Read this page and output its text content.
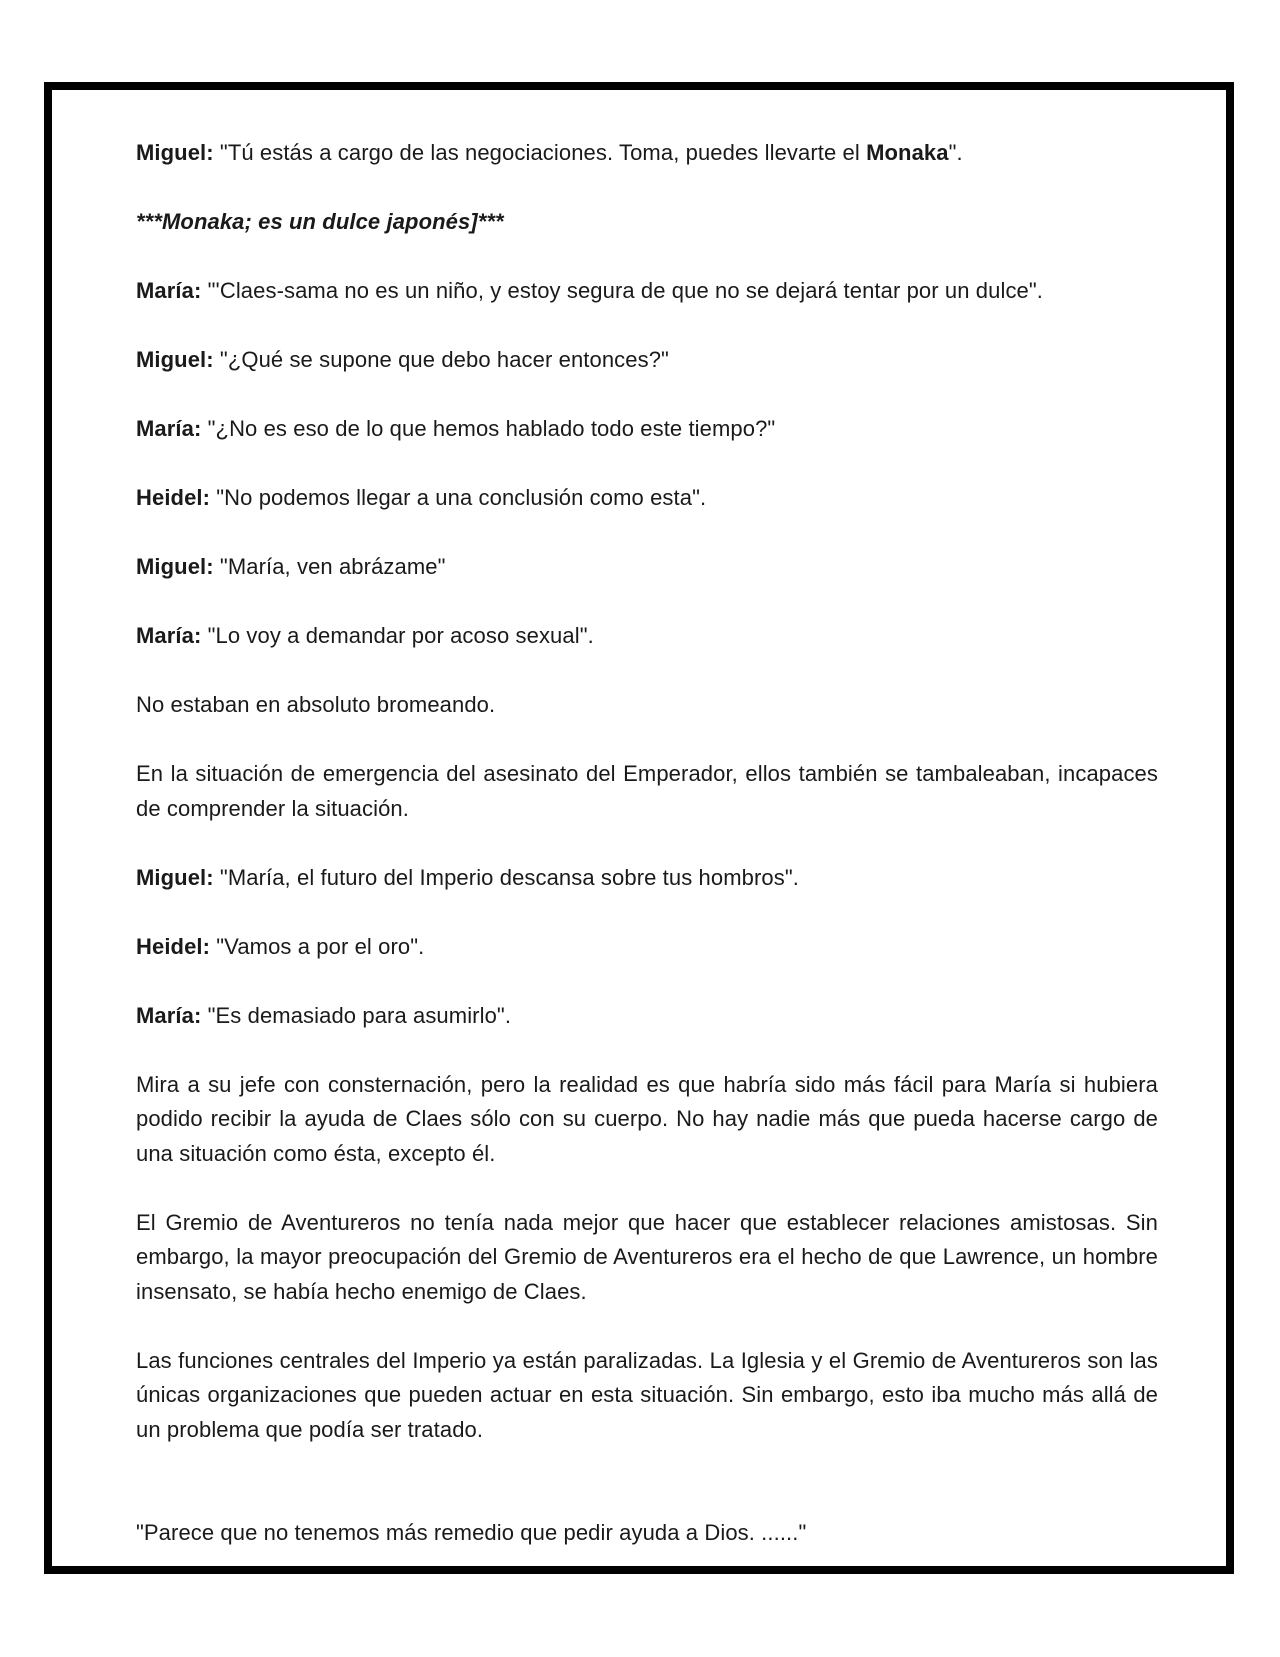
Miguel: "Tú estás a cargo de las negociaciones. Toma, puedes llevarte el Monaka".

***Monaka; es un dulce japonés]***

María: "'Claes-sama no es un niño, y estoy segura de que no se dejará tentar por un dulce".

Miguel: "¿Qué se supone que debo hacer entonces?"

María: "¿No es eso de lo que hemos hablado todo este tiempo?"

Heidel: "No podemos llegar a una conclusión como esta".

Miguel: "María, ven abrázame"

María: "Lo voy a demandar por acoso sexual".

No estaban en absoluto bromeando.

En la situación de emergencia del asesinato del Emperador, ellos también se tambaleaban, incapaces de comprender la situación.

Miguel: "María, el futuro del Imperio descansa sobre tus hombros".

Heidel: "Vamos a por el oro".

María: "Es demasiado para asumirlo".

Mira a su jefe con consternación, pero la realidad es que habría sido más fácil para María si hubiera podido recibir la ayuda de Claes sólo con su cuerpo. No hay nadie más que pueda hacerse cargo de una situación como ésta, excepto él.

El Gremio de Aventureros no tenía nada mejor que hacer que establecer relaciones amistosas. Sin embargo, la mayor preocupación del Gremio de Aventureros era el hecho de que Lawrence, un hombre insensato, se había hecho enemigo de Claes.

Las funciones centrales del Imperio ya están paralizadas. La Iglesia y el Gremio de Aventureros son las únicas organizaciones que pueden actuar en esta situación. Sin embargo, esto iba mucho más allá de un problema que podía ser tratado.

"Parece que no tenemos más remedio que pedir ayuda a Dios. ......"
